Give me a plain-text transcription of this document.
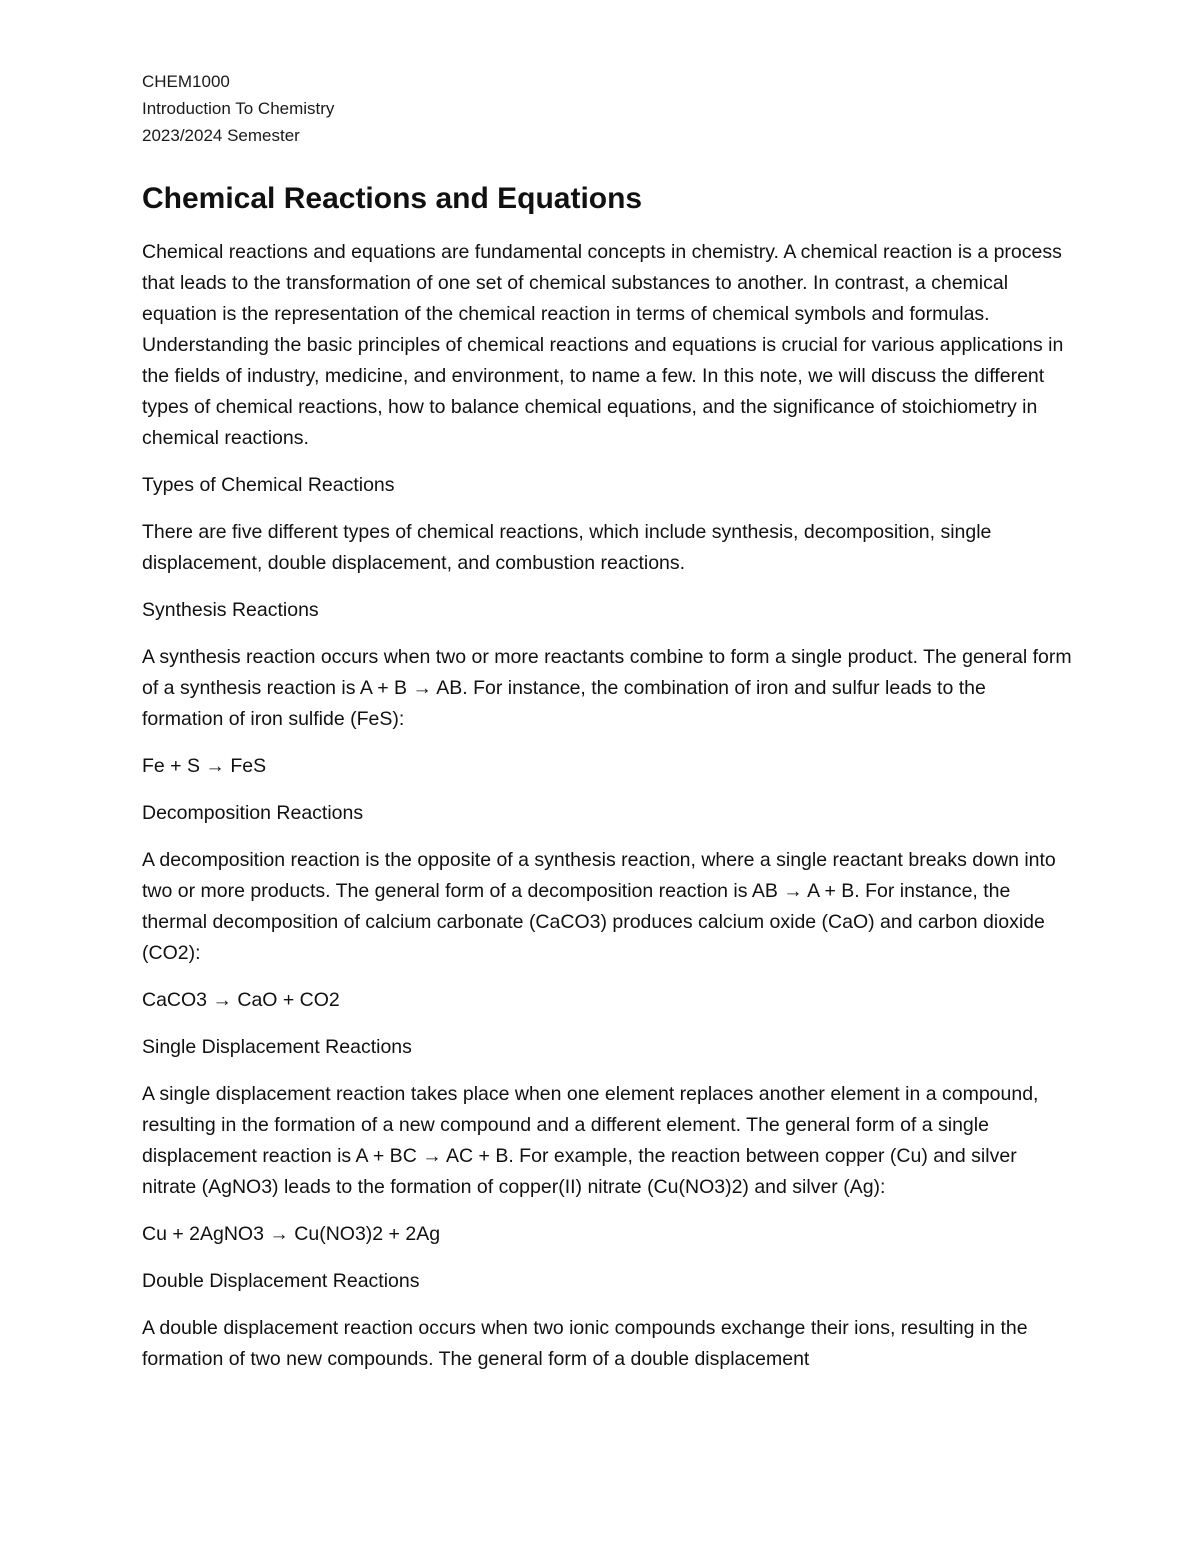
CHEM1000

Introduction To Chemistry

2023/2024 Semester

Chemical Reactions and Equations

Chemical reactions and equations are fundamental concepts in chemistry. A chemical reaction is a process that leads to the transformation of one set of chemical substances to another. In contrast, a chemical equation is the representation of the chemical reaction in terms of chemical symbols and formulas. Understanding the basic principles of chemical reactions and equations is crucial for various applications in the fields of industry, medicine, and environment, to name a few. In this note, we will discuss the different types of chemical reactions, how to balance chemical equations, and the significance of stoichiometry in chemical reactions.

Types of Chemical Reactions

There are five different types of chemical reactions, which include synthesis, decomposition, single displacement, double displacement, and combustion reactions.

Synthesis Reactions

A synthesis reaction occurs when two or more reactants combine to form a single product. The general form of a synthesis reaction is A + B → AB. For instance, the combination of iron and sulfur leads to the formation of iron sulfide (FeS):

Fe + S → FeS

Decomposition Reactions

A decomposition reaction is the opposite of a synthesis reaction, where a single reactant breaks down into two or more products. The general form of a decomposition reaction is AB → A + B. For instance, the thermal decomposition of calcium carbonate (CaCO3) produces calcium oxide (CaO) and carbon dioxide (CO2):

CaCO3 → CaO + CO2

Single Displacement Reactions

A single displacement reaction takes place when one element replaces another element in a compound, resulting in the formation of a new compound and a different element. The general form of a single displacement reaction is A + BC → AC + B. For example, the reaction between copper (Cu) and silver nitrate (AgNO3) leads to the formation of copper(II) nitrate (Cu(NO3)2) and silver (Ag):

Cu + 2AgNO3 → Cu(NO3)2 + 2Ag

Double Displacement Reactions

A double displacement reaction occurs when two ionic compounds exchange their ions, resulting in the formation of two new compounds. The general form of a double displacement
